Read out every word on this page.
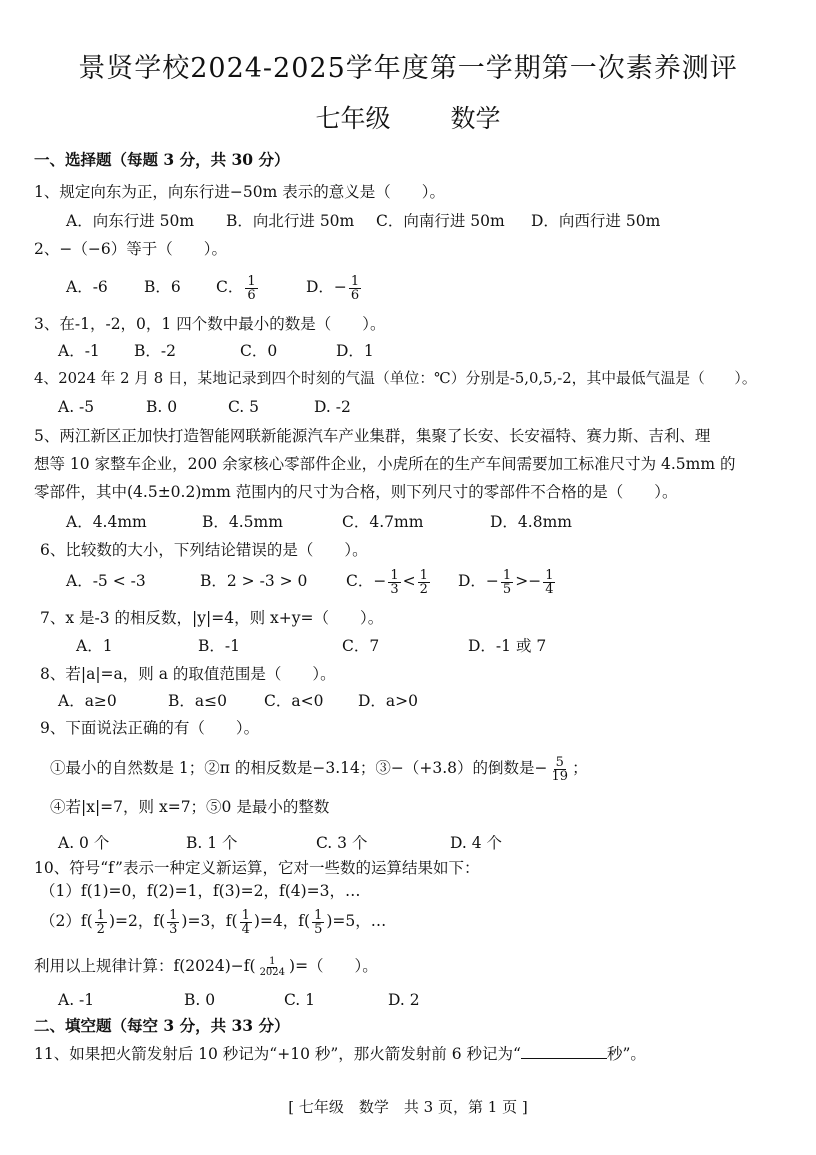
景贤学校2024-2025学年度第一学期第一次素养测评
七年级 数学
一、选择题（每题 3 分，共 30 分）
1、规定向东为正，向东行进−50m 表示的意义是（　　）。
A．向东行进 50m B．向北行进 50m C．向南行进 50m D．向西行进 50m
2、−（−6）等于（　　）。
A．-6 B．6 C． $\frac{1}{6}$	D．− $\frac{1}{6}$
3、在-1，-2，0，1 四个数中最小的数是（　　）。
A．-1 B．-2	C．0	D．1
4、2024 年 2 月 8 日，某地记录到四个时刻的气温（单位：℃）分别是-5,0,5,-2，其中最低气温是（　　）。
A. -5	B. 0	C. 5	D. -2
5、两江新区正加快打造智能网联新能源汽车产业集群，集聚了长安、长安福特、赛力斯、吉利、理
想等 10 家整车企业，200 余家核心零部件企业，小虎所在的生产车间需要加工标准尺寸为 4.5mm 的
零部件，其中(4.5±0.2)mm 范围内的尺寸为合格，则下列尺寸的零部件不合格的是（　　）。
A．4.4mm	B．4.5mm	C．4.7mm	D．4.8mm
6、比较数的大小，下列结论错误的是（　　）。
A．-5 < -3	B．2 > -3 > 0 C．− $\frac{1}{3} < \frac{1}{2}$ D．− $\frac{1}{5} >- \frac{1}{4}$
7、x 是-3 的相反数，|y|=4，则 x+y=（　　）。
A．1	B．-1	C．7	D．-1 或 7
8、若|a|=a，则 a 的取值范围是（　　）。
A．a≥0	B．a≤0 C．a<0 D．a>0
9、下面说法正确的有（　　）。
①最小的自然数是 1；②π 的相反数是−3.14；③−（+3.8）的倒数是− $\frac{5}{19}$ ；
④若|x|=7，则 x=7；⑤0 是最小的整数
A. 0 个	B. 1 个	C. 3 个	D. 4 个
10、符号“f”表示一种定义新运算，它对一些数的运算结果如下：
（1）f(1)=0，f(2)=1，f(3)=2，f(4)=3，…
$(2)f( \frac{1}{2} )=2$，$f( \frac{1}{3} )=3$，$f( \frac{1}{4} )=4$，$f( \frac{1}{5} )=5$，…
利用以上规律计算：$f(2024)-f( \frac{1}{2024}$ )=（　　）。
A. -1	B. 0	C. 1	D. 2
二、填空题（每空 3 分，共 33 分）
11、如果把火箭发射后 10 秒记为“+10 秒”，那火箭发射前 6 秒记为“	秒”。
[ 七年级　数学　共 3 页，第 1 页 ]
